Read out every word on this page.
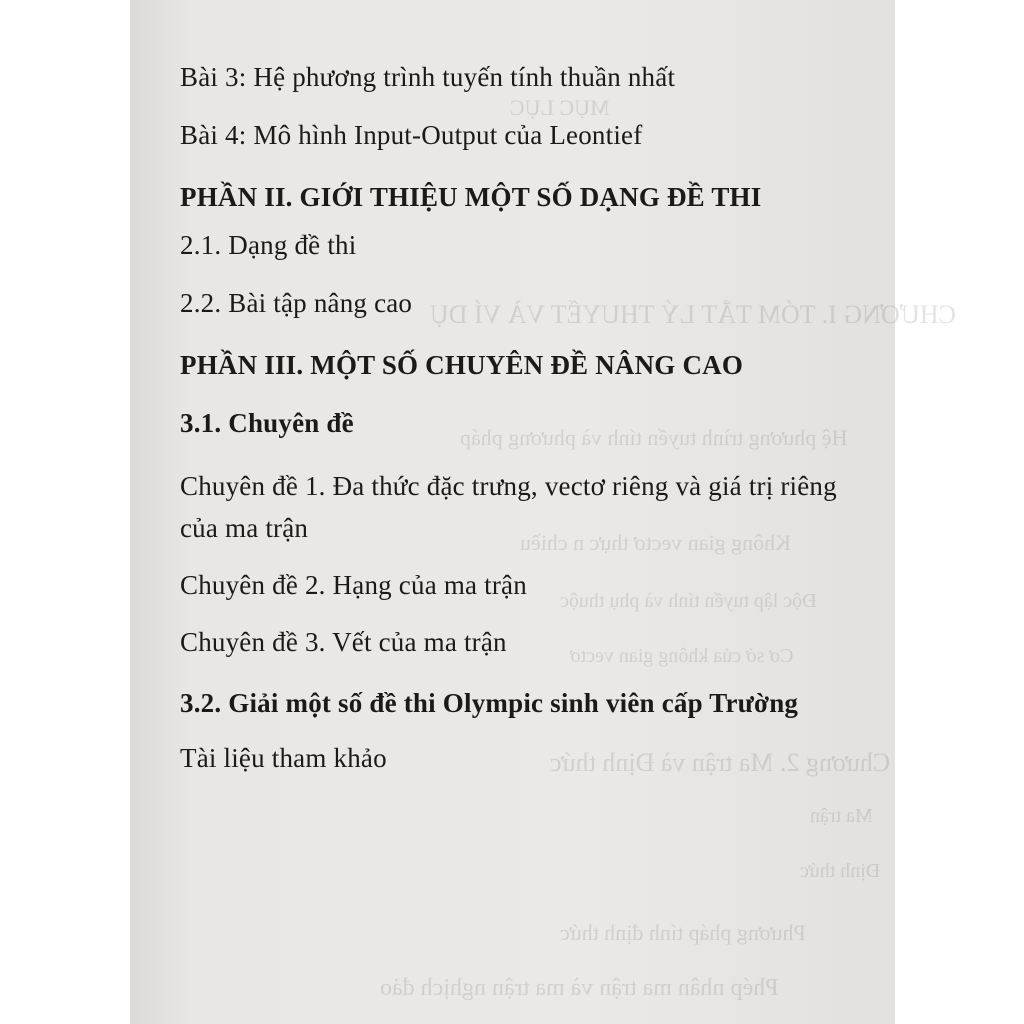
MỤC LỤC
CHƯƠNG I. TÓM TẮT LÝ THUYẾT VÀ VÍ DỤ
Hệ phương trình tuyến tính và phương pháp
Không gian vectơ thực n chiều
Độc lập tuyến tính và phụ thuộc
Cơ sở của không gian vectơ
Chương 2. Ma trận và Định thức
Ma trận
Định thức
Phương pháp tính định thức
Phép nhân ma trận và ma trận nghịch đảo
Bài 3: Hệ phương trình tuyến tính thuần nhất
Bài 4: Mô hình Input-Output của Leontief
PHẦN II. GIỚI THIỆU MỘT SỐ DẠNG ĐỀ THI
2.1. Dạng đề thi
2.2. Bài tập nâng cao
PHẦN III. MỘT SỐ CHUYÊN ĐỀ NÂNG CAO
3.1. Chuyên đề
Chuyên đề 1. Đa thức đặc trưng, vectơ riêng và giá trị riêng của ma trận
Chuyên đề 2. Hạng của ma trận
Chuyên đề 3. Vết của ma trận
3.2. Giải một số đề thi Olympic sinh viên cấp Trường
Tài liệu tham khảo
